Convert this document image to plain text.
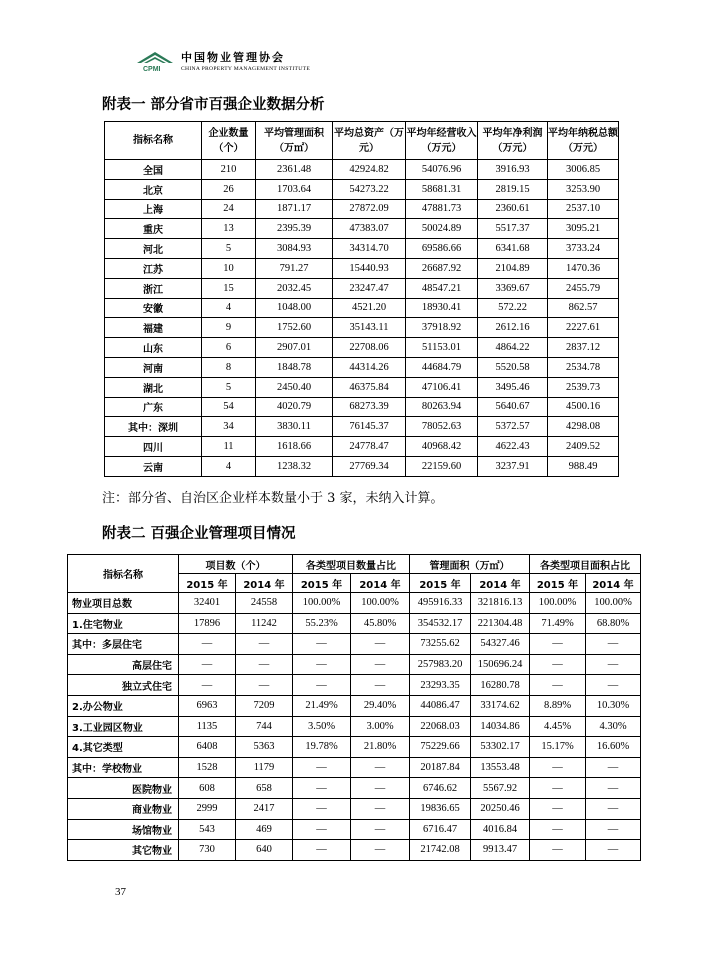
CPMI
中国物业管理协会
CHINA PROPERTY MANAGEMENT INSTITUTE
附表一 部分省市百强企业数据分析
指标名称	企业数量（个）	平均管理面积（万㎡）	平均总资产（万元）	平均年经营收入（万元）	平均年净利润（万元）	平均年纳税总额（万元）
全国	210	2361.48	42924.82	54076.96	3916.93	3006.85
北京	26	1703.64	54273.22	58681.31	2819.15	3253.90
上海	24	1871.17	27872.09	47881.73	2360.61	2537.10
重庆	13	2395.39	47383.07	50024.89	5517.37	3095.21
河北	5	3084.93	34314.70	69586.66	6341.68	3733.24
江苏	10	791.27	15440.93	26687.92	2104.89	1470.36
浙江	15	2032.45	23247.47	48547.21	3369.67	2455.79
安徽	4	1048.00	4521.20	18930.41	572.22	862.57
福建	9	1752.60	35143.11	37918.92	2612.16	2227.61
山东	6	2907.01	22708.06	51153.01	4864.22	2837.12
河南	8	1848.78	44314.26	44684.79	5520.58	2534.78
湖北	5	2450.40	46375.84	47106.41	3495.46	2539.73
广东	54	4020.79	68273.39	80263.94	5640.67	4500.16
其中：深圳	34	3830.11	76145.37	78052.63	5372.57	4298.08
四川	11	1618.66	24778.47	40968.42	4622.43	2409.52
云南	4	1238.32	27769.34	22159.60	3237.91	988.49
注：部分省、自治区企业样本数量小于 3 家，未纳入计算。
附表二 百强企业管理项目情况
指标名称	项目数（个）		各类型项目数量占比		管理面积（万㎡）		各类型项目面积占比	
	2015 年	2014 年	2015 年	2014 年	2015 年	2014 年	2015 年	2014 年
物业项目总数	32401	24558	100.00%	100.00%	495916.33	321816.13	100.00%	100.00%
1.住宅物业	17896	11242	55.23%	45.80%	354532.17	221304.48	71.49%	68.80%
其中：多层住宅	—	—	—	—	73255.62	54327.46	—	—
高层住宅	—	—	—	—	257983.20	150696.24	—	—
独立式住宅	—	—	—	—	23293.35	16280.78	—	—
2.办公物业	6963	7209	21.49%	29.40%	44086.47	33174.62	8.89%	10.30%
3.工业园区物业	1135	744	3.50%	3.00%	22068.03	14034.86	4.45%	4.30%
4.其它类型	6408	5363	19.78%	21.80%	75229.66	53302.17	15.17%	16.60%
其中：学校物业	1528	1179	—	—	20187.84	13553.48	—	—
医院物业	608	658	—	—	6746.62	5567.92	—	—
商业物业	2999	2417	—	—	19836.65	20250.46	—	—
场馆物业	543	469	—	—	6716.47	4016.84	—	—
其它物业	730	640	—	—	21742.08	9913.47	—	—
37
